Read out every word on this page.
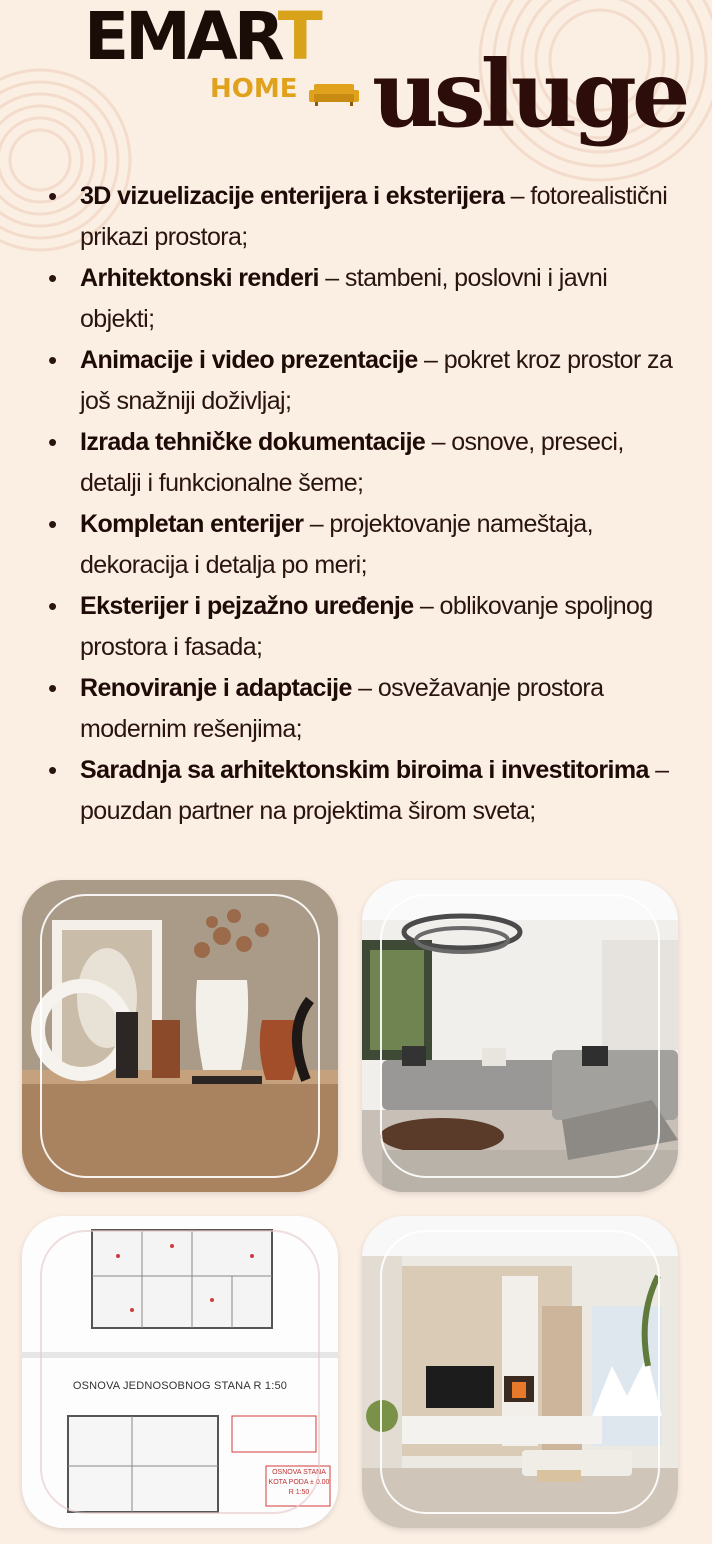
EMART
HOME usluge
• 3D vizuelizacije enterijera i eksterijera – fotorealistični prikazi prostora;
• Arhitektonski renderi – stambeni, poslovni i javni objekti;
• Animacije i video prezentacije – pokret kroz prostor za još snažniji doživljaj;
• Izrada tehničke dokumentacije – osnove, preseci, detalji i funkcionalne šeme;
• Kompletan enterijer – projektovanje nameštaja, dekoracija i detalja po meri;
• Eksterijer i pejzažno uređenje – oblikovanje spoljnog prostora i fasada;
• Renoviranje i adaptacije – osvežavanje prostora modernim rešenjima;
• Saradnja sa arhitektonskim biroima i investitorima – pouzdan partner na projektima širom sveta;
OSNOVA JEDNOSOBNOG STANA R 1:50
OSNOVA STANA
KOTA PODA ± 0.00
R 1:50
